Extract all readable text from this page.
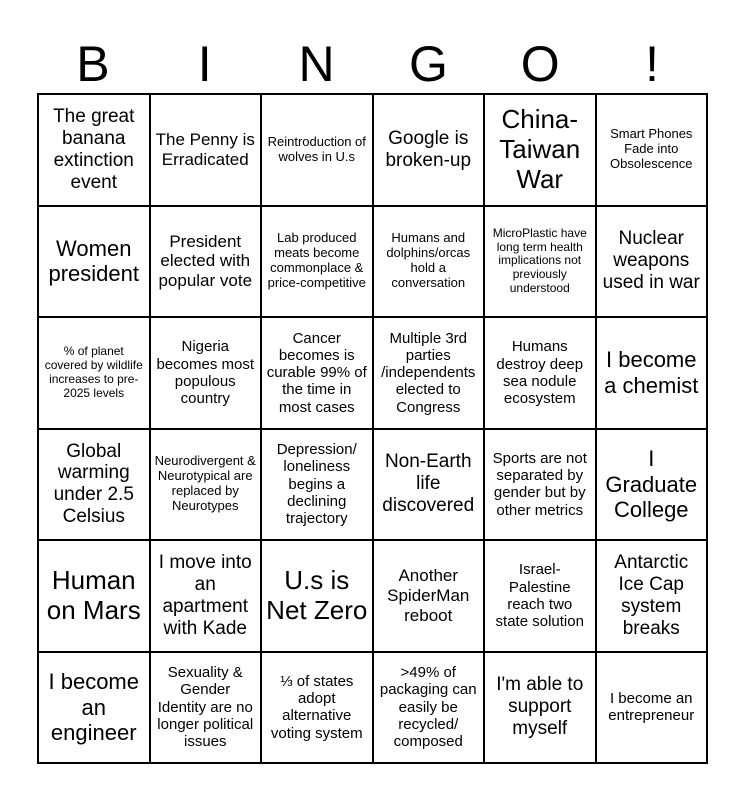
B	I	N	G	O	!
The great banana extinction event
The Penny is Erradicated
Reintroduction of wolves in U.s
Google is broken-up
China-Taiwan War
Smart Phones Fade into Obsolescence
Women president
President elected with popular vote
Lab produced meats become commonplace & price-competitive
Humans and dolphins/orcas hold a conversation
MicroPlastic have long term health implications not previously understood
Nuclear weapons used in war
% of planet covered by wildlife increases to pre-2025 levels
Nigeria becomes most populous country
Cancer becomes is curable 99% of the time in most cases
Multiple 3rd parties /independents elected to Congress
Humans destroy deep sea nodule ecosystem
I become a chemist
Global warming under 2.5 Celsius
Neurodivergent & Neurotypical are replaced by Neurotypes
Depression/ loneliness begins a declining trajectory
Non-Earth life discovered
Sports are not separated by gender but by other metrics
I Graduate College
Human on Mars
I move into an apartment with Kade
U.s is Net Zero
Another SpiderMan reboot
Israel-Palestine reach two state solution
Antarctic Ice Cap system breaks
I become an engineer
Sexuality & Gender Identity are no longer political issues
⅓ of states adopt alternative voting system
>49% of packaging can easily be recycled/ composed
I'm able to support myself
I become an entrepreneur
